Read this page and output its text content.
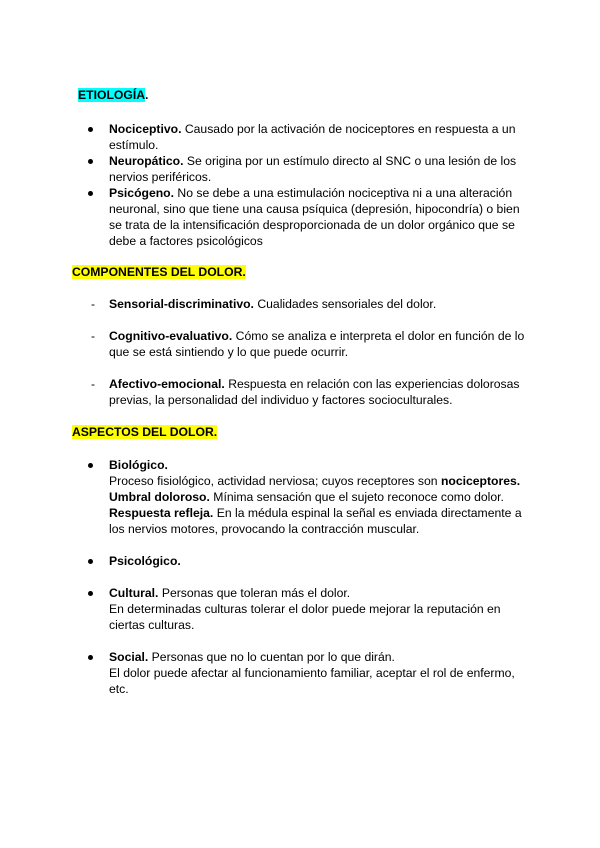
ETIOLOGÍA.
Nociceptivo. Causado por la activación de nociceptores en respuesta a un estímulo.
Neuropático. Se origina por un estímulo directo al SNC o una lesión de los nervios periféricos.
Psicógeno. No se debe a una estimulación nociceptiva ni a una alteración neuronal, sino que tiene una causa psíquica (depresión, hipocondría) o bien se trata de la intensificación desproporcionada de un dolor orgánico que se debe a factores psicológicos
COMPONENTES DEL DOLOR.
- Sensorial-discriminativo. Cualidades sensoriales del dolor.
- Cognitivo-evaluativo. Cómo se analiza e interpreta el dolor en función de lo que se está sintiendo y lo que puede ocurrir.
- Afectivo-emocional. Respuesta en relación con las experiencias dolorosas previas, la personalidad del individuo y factores socioculturales.
ASPECTOS DEL DOLOR.
Biológico.
Proceso fisiológico, actividad nerviosa; cuyos receptores son nociceptores.
Umbral doloroso. Mínima sensación que el sujeto reconoce como dolor.
Respuesta refleja. En la médula espinal la señal es enviada directamente a los nervios motores, provocando la contracción muscular.
Psicológico.
Cultural. Personas que toleran más el dolor.
En determinadas culturas tolerar el dolor puede mejorar la reputación en ciertas culturas.
Social. Personas que no lo cuentan por lo que dirán.
El dolor puede afectar al funcionamiento familiar, aceptar el rol de enfermo, etc.
